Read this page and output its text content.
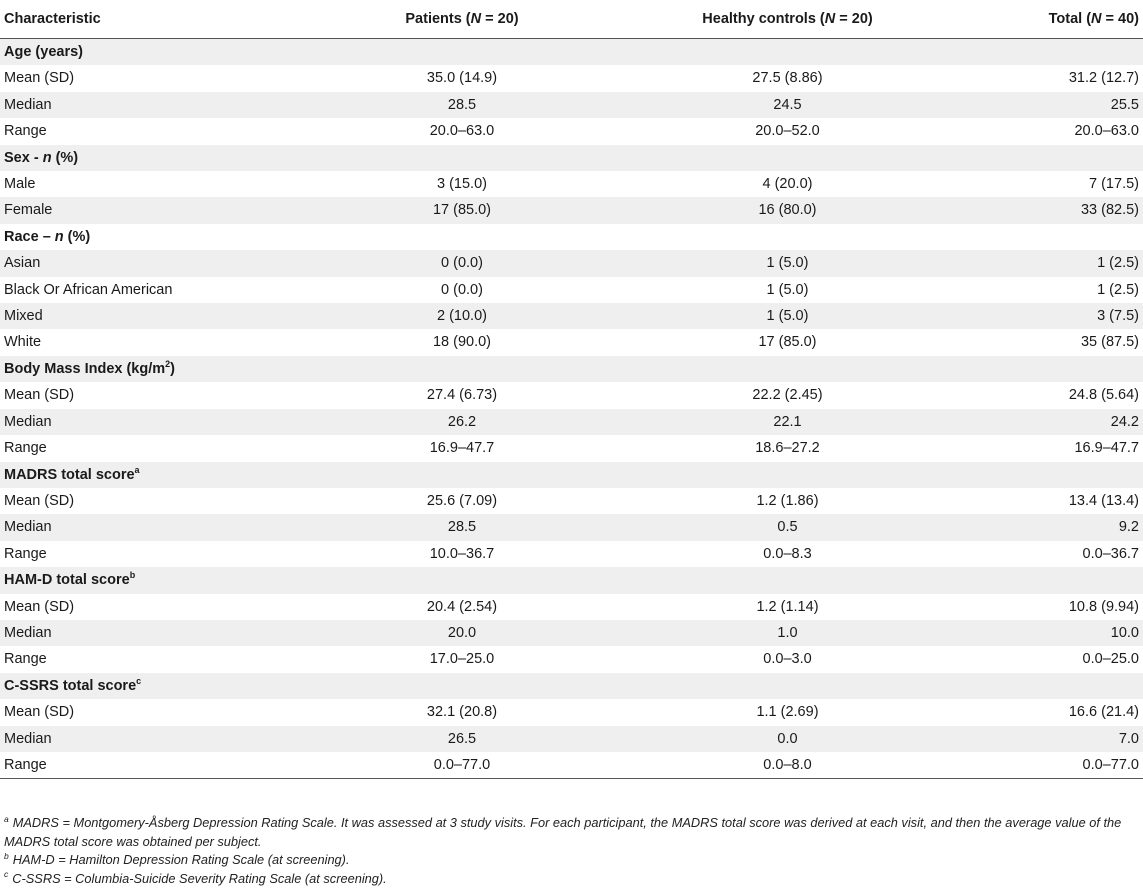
Characteristic	Patients (N = 20)	Healthy controls (N = 20)	Total (N = 40)
Age (years)			
Mean (SD)	35.0 (14.9)	27.5 (8.86)	31.2 (12.7)
Median	28.5	24.5	25.5
Range	20.0–63.0	20.0–52.0	20.0–63.0
Sex - n (%)			
Male	3 (15.0)	4 (20.0)	7 (17.5)
Female	17 (85.0)	16 (80.0)	33 (82.5)
Race – n (%)			
Asian	0 (0.0)	1 (5.0)	1 (2.5)
Black Or African American	0 (0.0)	1 (5.0)	1 (2.5)
Mixed	2 (10.0)	1 (5.0)	3 (7.5)
White	18 (90.0)	17 (85.0)	35 (87.5)
Body Mass Index $(kg/m^2)$			
Mean (SD)	27.4 (6.73)	22.2 (2.45)	24.8 (5.64)
Median	26.2	22.1	24.2
Range	16.9–47.7	18.6–27.2	16.9–47.7
MADRS total score$^a$
Mean (SD)	25.6 (7.09)	1.2 (1.86)	13.4 (13.4)
Median	28.5	0.5	9.2
Range	10.0–36.7	0.0–8.3	0.0–36.7
HAM-D total score$^b$
Mean (SD)	20.4 (2.54)	1.2 (1.14)	10.8 (9.94)
Median	20.0	1.0	10.0
Range	17.0–25.0	0.0–3.0	0.0–25.0
C-SSRS total score$^c$
Mean (SD)	32.1 (20.8)	1.1 (2.69)	16.6 (21.4)
Median	26.5	0.0	7.0
Range	0.0–77.0	0.0–8.0	0.0–77.0

$^a$ MADRS = Montgomery-Åsberg Depression Rating Scale. It was assessed at 3 study visits. For each participant, the MADRS total score was derived at each visit, and then the average value of the MADRS total score was obtained per subject.

$^b$ HAM-D = Hamilton Depression Rating Scale (at screening).

$^c$ C-SSRS = Columbia-Suicide Severity Rating Scale (at screening).
